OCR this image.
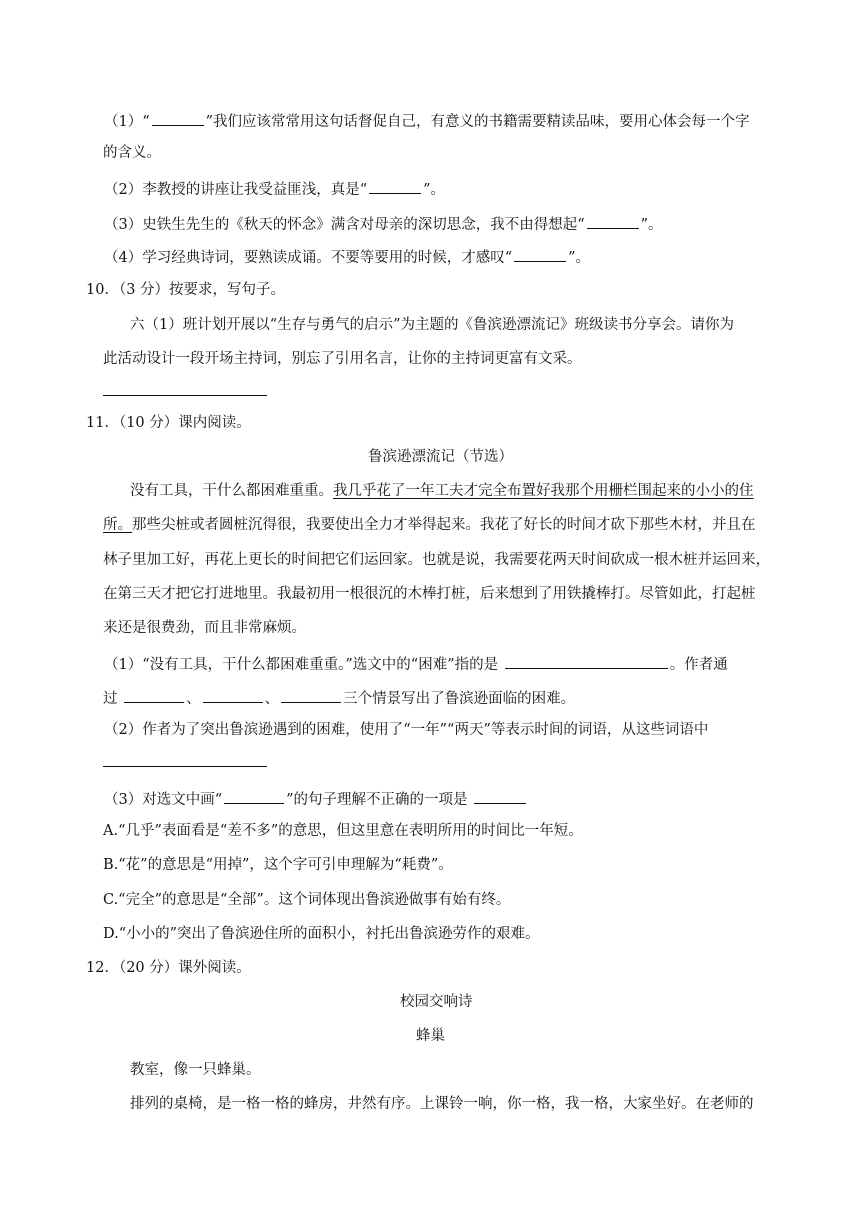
（1）“	”我们应该常常用这句话督促自己，有意义的书籍需要精读品味，要用心体会每一个字
的含义。
（2）李教授的讲座让我受益匪浅，真是“	”。
（3）史铁生先生的《秋天的怀念》满含对母亲的深切思念，我不由得想起“	”。
（4）学习经典诗词，要熟读成诵。不要等要用的时候，才感叹“	”。
10．（3 分）按要求，写句子。
六（1）班计划开展以“生存与勇气的启示”为主题的《鲁滨逊漂流记》班级读书分享会。请你为
此活动设计一段开场主持词，别忘了引用名言，让你的主持词更富有文采。
11．（10 分）课内阅读。
鲁滨逊漂流记（节选）
没有工具，干什么都困难重重。我几乎花了一年工夫才完全布置好我那个用栅栏围起来的小小的住
所。那些尖桩或者圆桩沉得很，我要使出全力才举得起来。我花了好长的时间才砍下那些木材，并且在
林子里加工好，再花上更长的时间把它们运回家。也就是说，我需要花两天时间砍成一根木桩并运回来，
在第三天才把它打进地里。我最初用一根很沉的木棒打桩，后来想到了用铁撬棒打。尽管如此，打起桩
来还是很费劲，而且非常麻烦。
（1）“没有工具，干什么都困难重重。”选文中的“困难”指的是	。作者通
过	、	、	三个情景写出了鲁滨逊面临的困难。
（2）作者为了突出鲁滨逊遇到的困难，使用了“一年”“两天”等表示时间的词语，从这些词语中
（3）对选文中画“	”的句子理解不正确的一项是
A.“几乎”表面看是“差不多”的意思，但这里意在表明所用的时间比一年短。
B.“花”的意思是“用掉”，这个字可引申理解为“耗费”。
C.“完全”的意思是“全部”。这个词体现出鲁滨逊做事有始有终。
D.“小小的”突出了鲁滨逊住所的面积小，衬托出鲁滨逊劳作的艰难。
12．（20 分）课外阅读。
校园交响诗
蜂巢
教室，像一只蜂巢。
排列的桌椅，是一格一格的蜂房，井然有序。上课铃一响，你一格，我一格，大家坐好。在老师的
